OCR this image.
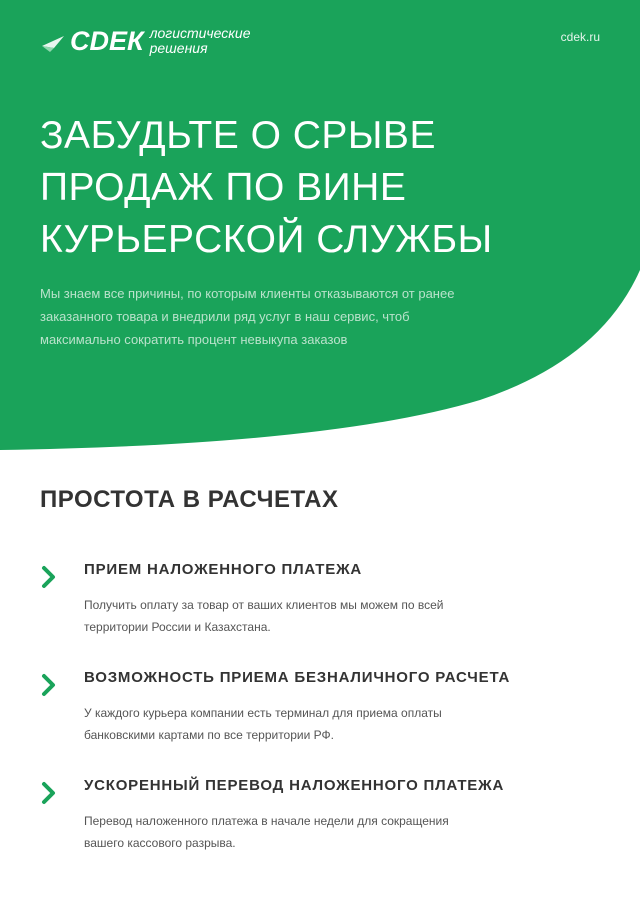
СDЕК логистические решения
cdek.ru
ЗАБУДЬТЕ О СРЫВЕ ПРОДАЖ ПО ВИНЕ КУРЬЕРСКОЙ СЛУЖБЫ

Мы знаем все причины, по которым клиенты отказываются от ранее заказанного товара и внедрили ряд услуг в наш сервис, чтоб максимально сократить процент невыкупа заказов

ПРОСТОТА В РАСЧЕТАХ
ПРИЕМ НАЛОЖЕННОГО ПЛАТЕЖА

Получить оплату за товар от ваших клиентов мы можем по всей территории России и Казахстана.

ВОЗМОЖНОСТЬ ПРИЕМА БЕЗНАЛИЧНОГО РАСЧЕТА

У каждого курьера компании есть терминал для приема оплаты банковскими картами по все территории РФ.

УСКОРЕННЫЙ ПЕРЕВОД НАЛОЖЕННОГО ПЛАТЕЖА

Перевод наложенного платежа в начале недели для сокращения вашего кассового разрыва.
